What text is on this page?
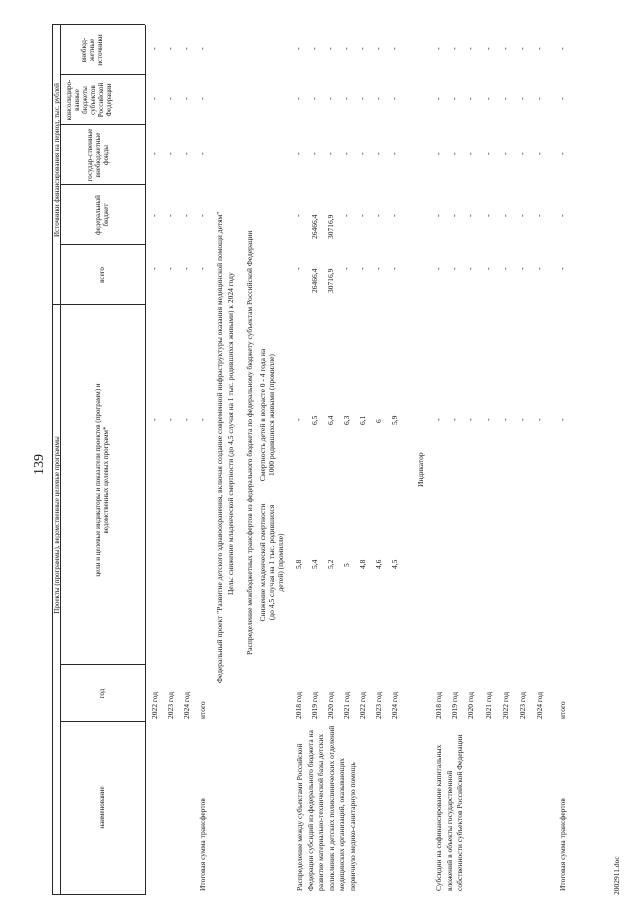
139
2002911.doc
Проекты (программы), ведомственные целевые программы
Источники финансирования на период, тыс. рублей
наименование
год
цели и целевые индикаторы и показатели проектов (программ) и ведомственных целевых программ*
всего
федеральный бюджет
государ-ственные внебюджетные фонды
консолидиро-ванные бюджеты субъектов Российской Федерации
внебюд-жетные источники
2022 год
-
-
-
-
-
-
2023 год
-
-
-
-
-
-
2024 год
-
-
-
-
-
-
Итоговая сумма трансфертов
итого
-
-
-
-
-
-
Федеральный проект "Развитие детского здравоохранения, включая создание современной инфраструктуры оказания медицинской помощи детям" Цель: снижение младенческой смертности (до 4,5 случая на 1 тыс. родившихся живыми) к 2024 году Распределение межбюджетных трансфертов из федерального бюджета по федеральному бюджету субъектам Российской Федерации
Распределение между субъектами Российской Федерации субсидий из федерального бюджета на развитие материально-технической базы детских поликлиник и детских поликлинических отделений медицинских организаций, оказывающих первичную медико-санитарную помощь
Снижение младенческой смертности (до 4,5 случая на 1 тыс. родившихся детей) (промилле)
Смертность детей в возрасте 0 - 4 года на 1000 родившихся живыми (промилле)
2018 год
5,8
-
-
-
-
-
-
2019 год
5,4
6,5
26466,4
26466,4
-
-
-
2020 год
5,2
6,4
30716,9
30716,9
-
-
-
2021 год
5
6,3
-
-
-
-
-
2022 год
4,8
6,1
-
-
-
-
-
2023 год
4,6
6
-
-
-
-
-
2024 год
4,5
5,9
-
-
-
-
-
Индикатор
Субсидии на софинансирование капитальных вложений в объекты государственной собственности субъектов Российской Федерации
2018 год
-
-
-
-
-
-
2019 год
-
-
-
-
-
-
2020 год
-
-
-
-
-
-
2021 год
-
-
-
-
-
-
2022 год
-
-
-
-
-
-
2023 год
-
-
-
-
-
-
2024 год
-
-
-
-
-
-
Итоговая сумма трансфертов
итого
-
-
-
-
-
-
